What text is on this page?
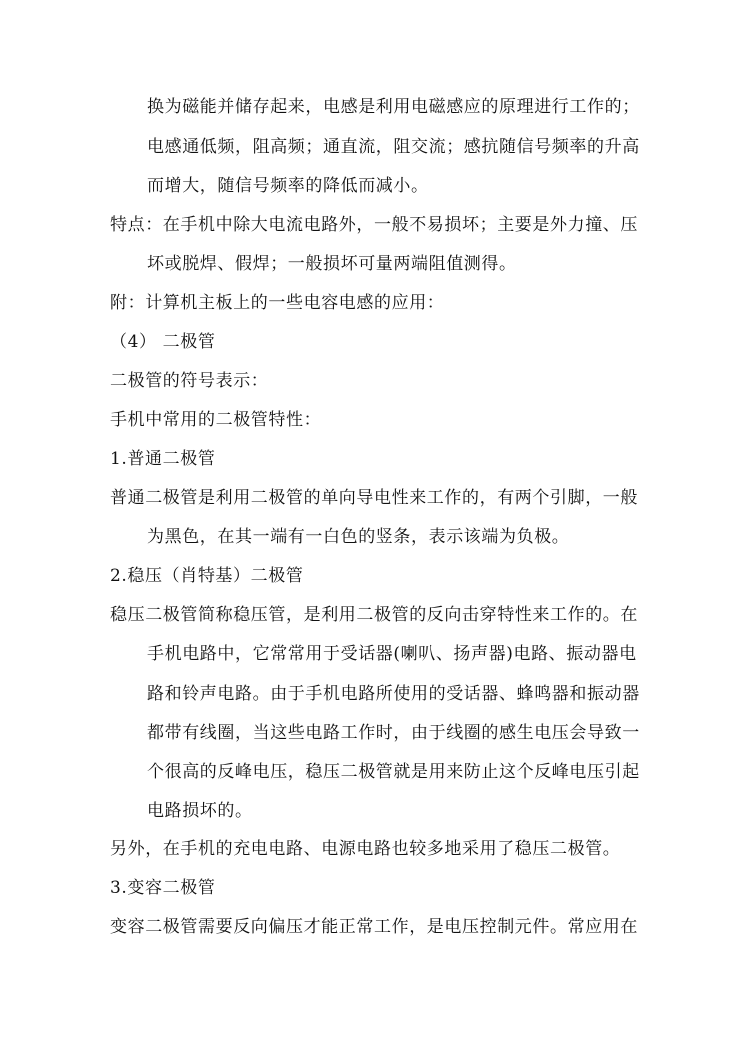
换为磁能并储存起来，电感是利用电磁感应的原理进行工作的；
电感通低频，阻高频；通直流，阻交流；感抗随信号频率的升高
而增大，随信号频率的降低而减小。
特点：在手机中除大电流电路外，一般不易损坏；主要是外力撞、压
坏或脱焊、假焊；一般损坏可量两端阻值测得。
附：计算机主板上的一些电容电感的应用：
（4） 二极管
二极管的符号表示：
手机中常用的二极管特性：
1.普通二极管
普通二极管是利用二极管的单向导电性来工作的，有两个引脚，一般
为黑色，在其一端有一白色的竖条，表示该端为负极。
2.稳压（肖特基）二极管
稳压二极管简称稳压管，是利用二极管的反向击穿特性来工作的。在
手机电路中，它常常用于受话器(喇叭、扬声器)电路、振动器电
路和铃声电路。由于手机电路所使用的受话器、蜂鸣器和振动器
都带有线圈，当这些电路工作时，由于线圈的感生电压会导致一
个很高的反峰电压，稳压二极管就是用来防止这个反峰电压引起
电路损坏的。
另外，在手机的充电电路、电源电路也较多地采用了稳压二极管。
3.变容二极管
变容二极管需要反向偏压才能正常工作，是电压控制元件。常应用在
